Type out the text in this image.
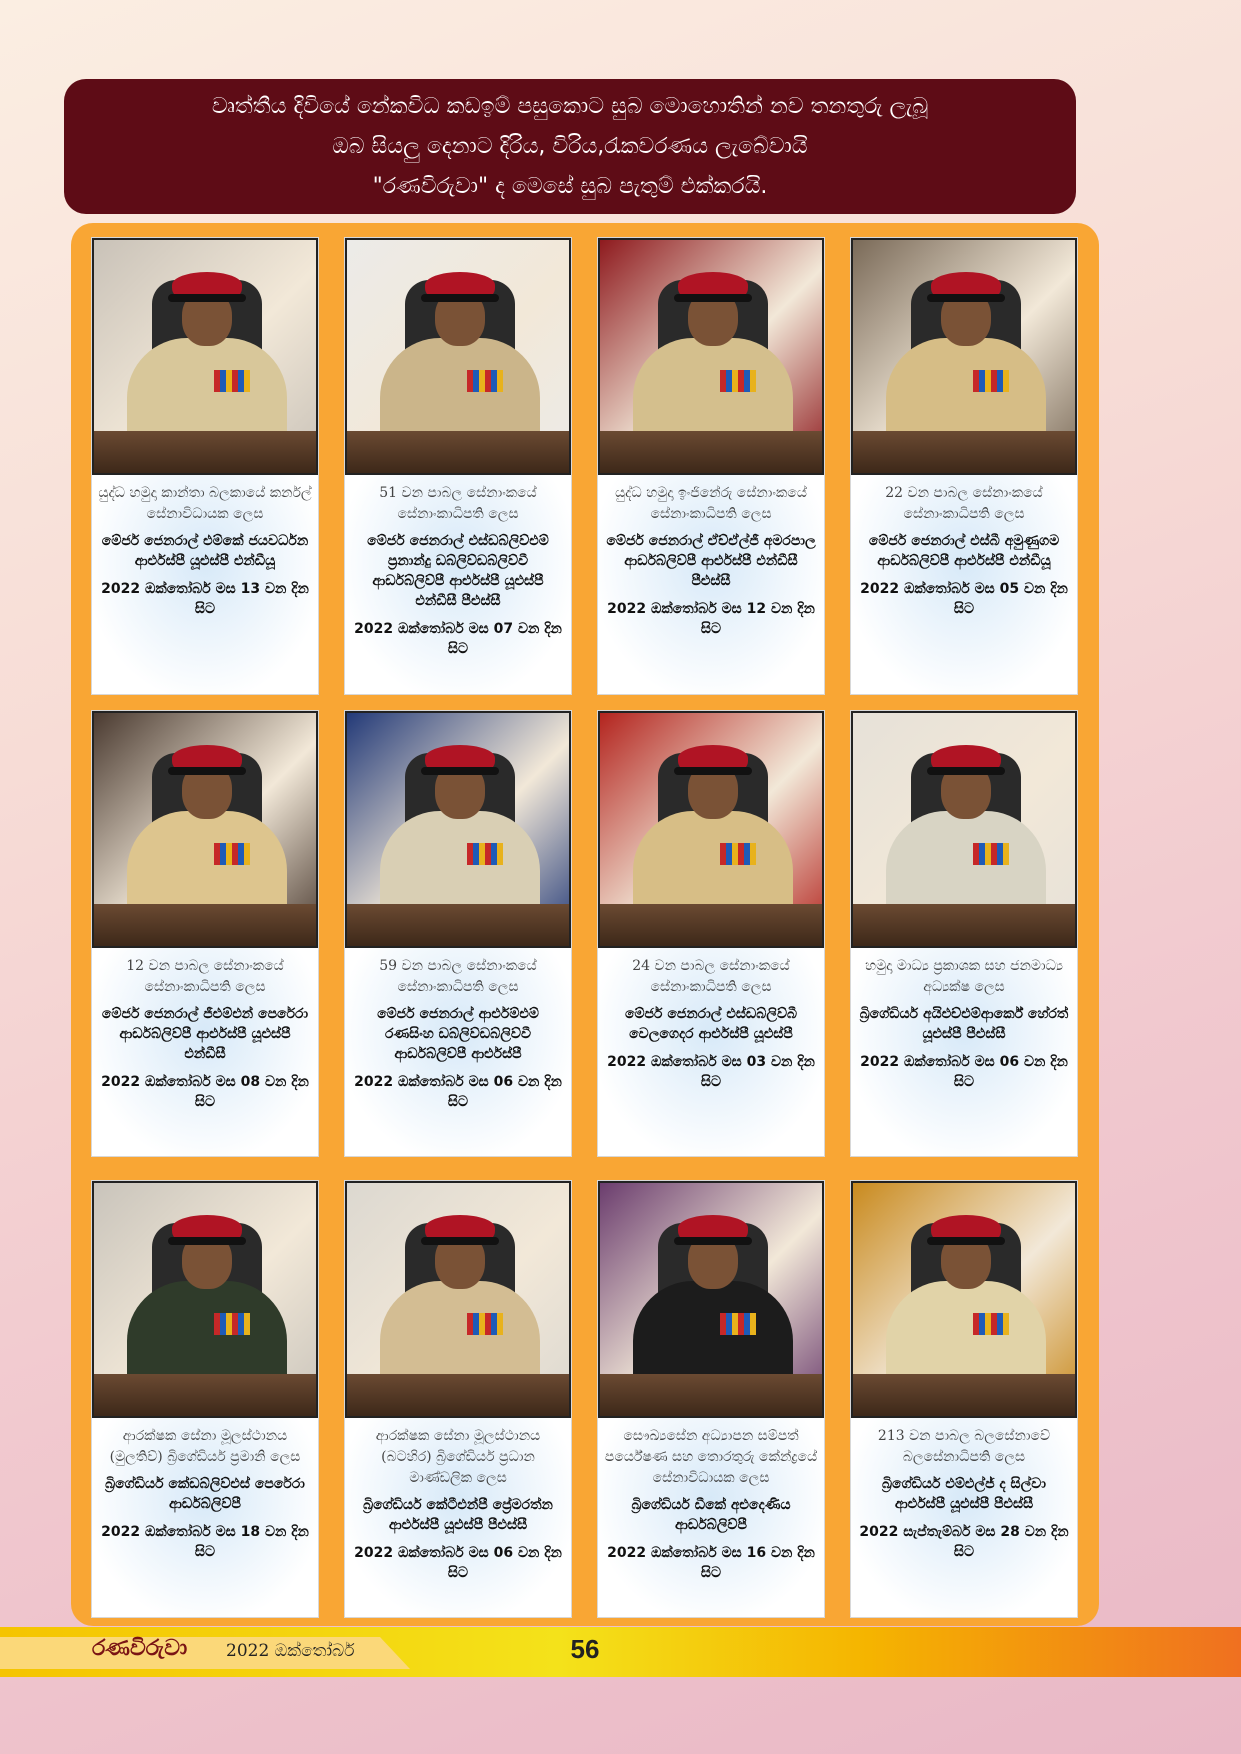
වෘත්තීය දිවියේ නේකවිධ කඩඉම් පසුකොට සුබ මොහොතින් නව තනතුරු ලැබූ
ඔබ සියලු දෙනාට දිරිය, විරිය,රැකවරණය ලැබේවායි
"රණවිරුවා" ද මෙසේ සුබ පැතුම් එක්කරයි.
යුද්ධ හමුදා කාන්තා බලකායේ කර්නල් සේනාවිධායක ලෙස
මේජර් ජෙනරාල් එම්කේ ජයවර්ධන ආර්එස්පී යූඑස්පී එන්ඩීයූ
2022 ඔක්තෝබර් මස 13 වන දින සිට
51 වන පාබල සේනාංකයේ සේනාංකාධිපති ලෙස
මේජර් ජෙනරාල් එස්ඩබ්ලිව්එම් ප්‍රනාන්දු ඩබ්ලිව්ඩබ්ලිව්වී ආර්ඩබ්ලිව්පී ආර්එස්පී යූඑස්පී එන්ඩීසී පීඑස්සී
2022 ඔක්තෝබර් මස 07 වන දින සිට
යුද්ධ හමුදා ඉංජිනේරු සේනාංකයේ සේනාංකාධිපති ලෙස
මේජර් ජෙනරාල් ඒච්ඒල්ජී අමරපාල ආර්ඩබ්ලිව්පී ආර්එස්පී එන්ඩීසී පීඑස්සී
2022 ඔක්තෝබර් මස 12 වන දින සිට
22 වන පාබල සේනාංකයේ සේනාංකාධිපති ලෙස
මේජර් ජෙනරාල් එස්බී අමුණුගම ආර්ඩබ්ලිව්පී ආර්එස්පී එන්ඩීයූ
2022 ඔක්තෝබර් මස 05 වන දින සිට
12 වන පාබල සේනාංකයේ සේනාංකාධිපති ලෙස
මේජර් ජෙනරාල් ජීඑම්එන් පෙරේරා ආර්ඩබ්ලිව්පී ආර්එස්පී යූඑස්පී එන්ඩීසී
2022 ඔක්තෝබර් මස 08 වන දින සිට
59 වන පාබල සේනාංකයේ සේනාංකාධිපති ලෙස
මේජර් ජෙනරාල් ආර්එම්එම් රණසිංහ ඩබ්ලිව්ඩබ්ලිව්වී ආර්ඩබ්ලිව්පී ආර්එස්පී
2022 ඔක්තෝබර් මස 06 වන දින සිට
24 වන පාබල සේනාංකයේ සේනාංකාධිපති ලෙස
මේජර් ජෙනරාල් එස්ඩබ්ලිව්බී වෙලගෙදර ආර්එස්පී යූඑස්පී
2022 ඔක්තෝබර් මස 03 වන දින සිට
හමුදා මාධ්‍ය ප්‍රකාශක සහ ජනමාධ්‍ය අධ්‍යක්ෂ ලෙස
බ්‍රිගේඩියර් අයිඑච්එම්ආර්කේ හේරත් යූඑස්පී පීඑස්සී
2022 ඔක්තෝබර් මස 06 වන දින සිට
ආරක්ෂක සේනා මූලස්ථානය (මුලතිව්) බ්‍රිගේඩියර් ප්‍රමානි ලෙස
බ්‍රිගේඩියර් කේඩබ්ලිව්එස් පෙරේරා ආර්ඩබ්ලිව්පී
2022 ඔක්තෝබර් මස 18 වන දින සිට
ආරක්ෂක සේනා මූලස්ථානය (බටහිර) බ්‍රිගේඩියර් ප්‍රධාන මාණ්ඩලික ලෙස
බ්‍රිගේඩියර් කේටීඑන්පී ප්‍රේමරත්න ආර්එස්පී යූඑස්පී පීඑස්සී
2022 ඔක්තෝබර් මස 06 වන දින සිට
සෞඛ්‍යසේන අධ්‍යාපන සම්පත් පර්යේෂණ සහ තොරතුරු කේන්ද්‍රයේ සේනාවිධායක ලෙස
බ්‍රිගේඩියර් ඩීකේ අළුදෙණිය ආර්ඩබ්ලිව්පී
2022 ඔක්තෝබර් මස 16 වන දින සිට
213 වන පාබල බලසේනාවේ බලසේනාධිපති ලෙස
බ්‍රිගේඩියර් එම්එල්ජ් ද සිල්වා ආර්එස්පී යූඑස්පී පීඑස්සී
2022 සැප්තැම්බර් මස 28 වන දින සිට
රණවිරුවා 2022 ඔක්තෝබර්	56
